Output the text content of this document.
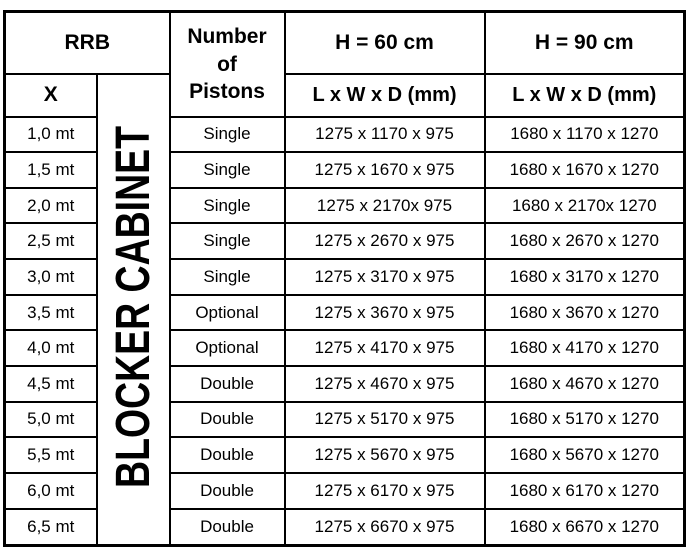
RRB		Number of Pistons	H = 60 cm	H = 90 cm
X	BLOCKER CABINET		L x W x D (mm)	L x W x D (mm)
1,0 mt		Single	1275 x 1170 x 975	1680 x 1170 x 1270
1,5 mt		Single	1275 x 1670 x 975	1680 x 1670 x 1270
2,0 mt		Single	1275 x 2170x 975	1680 x 2170x 1270
2,5 mt		Single	1275 x 2670 x 975	1680 x 2670 x 1270
3,0 mt		Single	1275 x 3170 x 975	1680 x 3170 x 1270
3,5 mt		Optional	1275 x 3670 x 975	1680 x 3670 x 1270
4,0 mt		Optional	1275 x 4170 x 975	1680 x 4170 x 1270
4,5 mt		Double	1275 x 4670 x 975	1680 x 4670 x 1270
5,0 mt		Double	1275 x 5170 x 975	1680 x 5170 x 1270
5,5 mt		Double	1275 x 5670 x 975	1680 x 5670 x 1270
6,0 mt		Double	1275 x 6170 x 975	1680 x 6170 x 1270
6,5 mt		Double	1275 x 6670 x 975	1680 x 6670 x 1270
